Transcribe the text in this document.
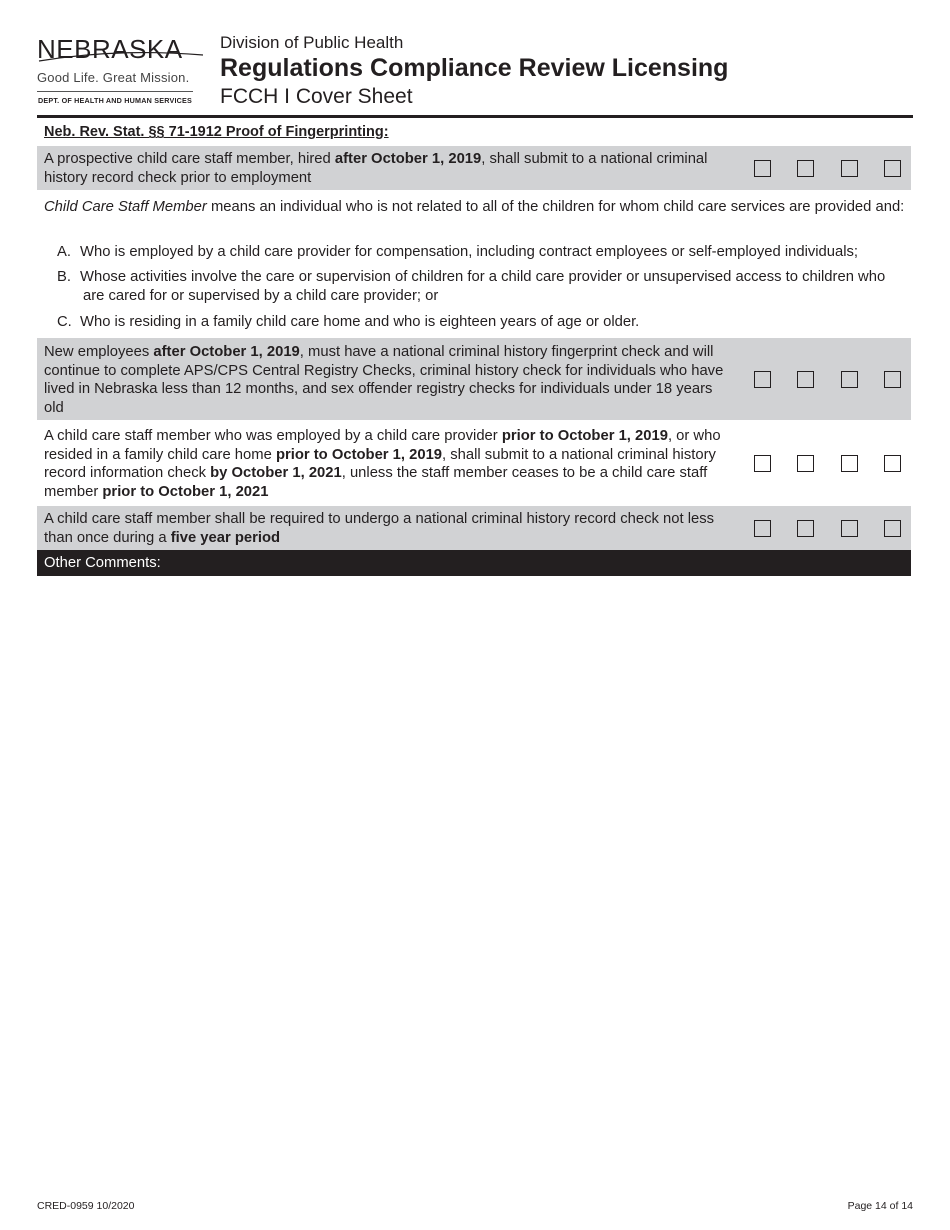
NEBRASKA
Good Life. Great Mission.
DEPT. OF HEALTH AND HUMAN SERVICES
Division of Public Health
Regulations Compliance Review Licensing
FCCH I Cover Sheet
Neb. Rev. Stat. §§ 71-1912 Proof of Fingerprinting:
A prospective child care staff member, hired after October 1, 2019, shall submit to a national criminal history record check prior to employment
Child Care Staff Member means an individual who is not related to all of the children for whom child care services are provided and:
A. Who is employed by a child care provider for compensation, including contract employees or self-employed individuals;
B. Whose activities involve the care or supervision of children for a child care provider or unsupervised access to children who are cared for or supervised by a child care provider; or
C. Who is residing in a family child care home and who is eighteen years of age or older.
New employees after October 1, 2019, must have a national criminal history fingerprint check and will continue to complete APS/CPS Central Registry Checks, criminal history check for individuals who have lived in Nebraska less than 12 months, and sex offender registry checks for individuals under 18 years old
A child care staff member who was employed by a child care provider prior to October 1, 2019, or who resided in a family child care home prior to October 1, 2019, shall submit to a national criminal history record information check by October 1, 2021, unless the staff member ceases to be a child care staff member prior to October 1, 2021
A child care staff member shall be required to undergo a national criminal history record check not less than once during a five year period
Other Comments:
CRED-0959 10/2020	Page 14 of 14
